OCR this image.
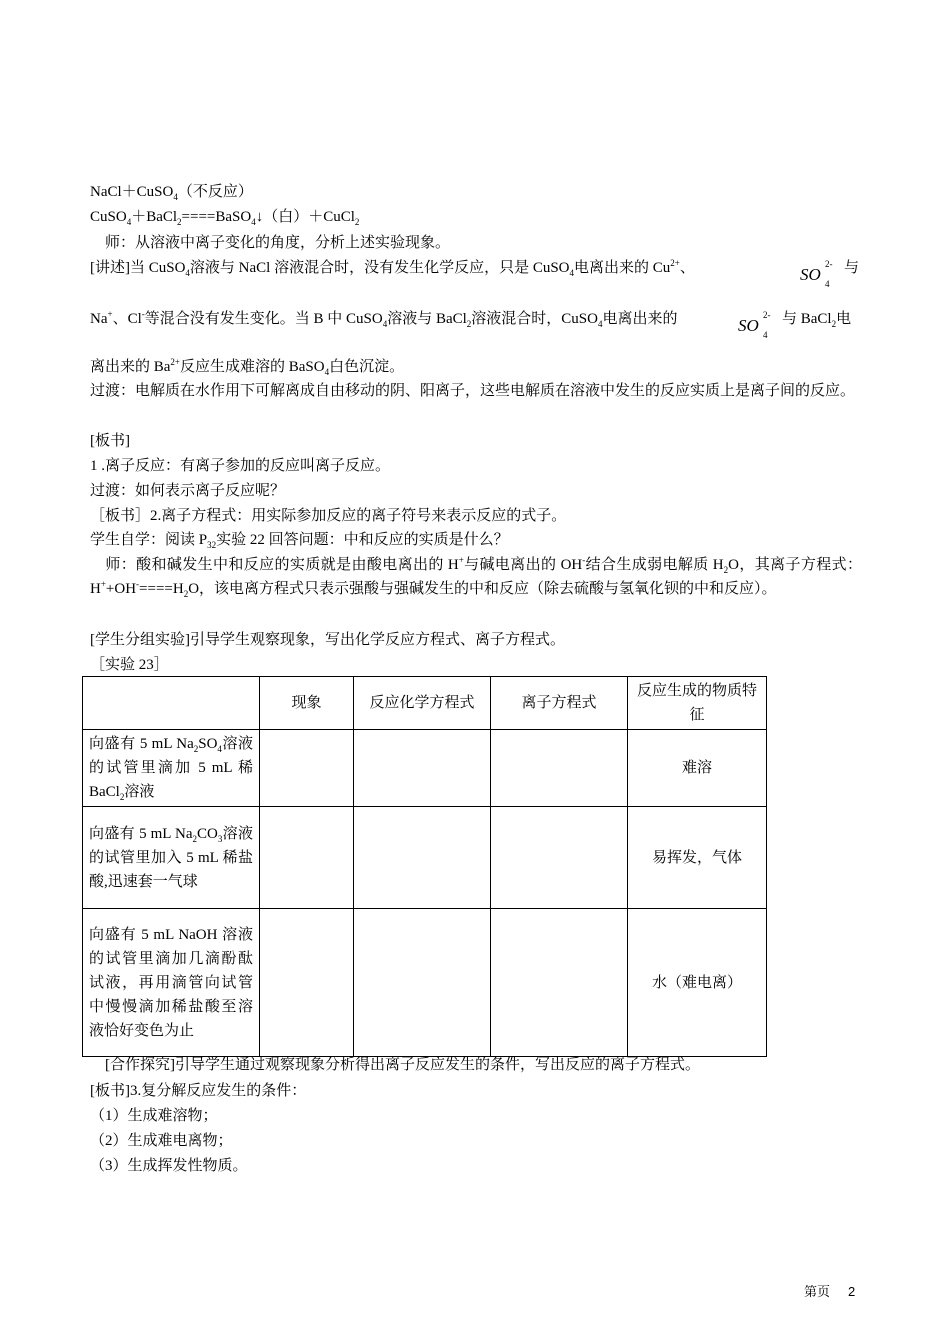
NaCl＋CuSO$_4$（不反应）
CuSO$_4$＋BaCl$_2$====BaSO$_4$↓（白）＋CuCl$_2$
　师：从溶液中离子变化的角度，分析上述实验现象。
[讲述]当 CuSO$_4$溶液与 NaCl 溶液混合时，没有发生化学反应，只是 CuSO$_4$电离出来的 $Cu^{2+}$、	SO
2-
4
与
Na+、Cl-等混合没有发生变化。当 B 中 CuSO$_4$溶液与 BaCl$_2$溶液混合时，CuSO$_4$电离出来的	SO
2-
4
与 BaCl$_2$电
离出来的 $Ba^{2+}$反应生成难溶的 BaSO$_4$白色沉淀。
过渡：电解质在水作用下可解离成自由移动的阴、阳离子，这些电解质在溶液中发生的反应实质上是离子间的反应。
[板书]
1 .离子反应：有离子参加的反应叫离子反应。
过渡：如何表示离子反应呢？
［板书］2.离子方程式：用实际参加反应的离子符号来表示反应的式子。
学生自学：阅读 $P_{32}$实验 22 回答问题：中和反应的实质是什么？
　师：酸和碱发生中和反应的实质就是由酸电离出的 H+与碱电离出的 OH-结合生成弱电解质 $H_2O$，其离子方程式：$H^++OH^-====H_2O$，该电离方程式只表示强酸与强碱发生的中和反应（除去硫酸与氢氧化钡的中和反应）。
[学生分组实验]引导学生观察现象，写出化学反应方程式、离子方程式。
［实验 23］
	现象	反应化学方程式	离子方程式	反应生成的物质特征
向盛有 5 mL $Na_2SO_4$溶液的试管里滴加 5 mL 稀 BaCl$_2$溶液				难溶
向盛有 5 mL $Na_2CO_3$溶液的试管里加入 5 mL 稀盐酸,迅速套一气球				易挥发，气体
向盛有 5 mL NaOH 溶液的试管里滴加几滴酚酞试液，再用滴管向试管中慢慢滴加稀盐酸至溶液恰好变色为止				水（难电离）
　[合作探究]引导学生通过观察现象分析得出离子反应发生的条件，写出反应的离子方程式。
[板书]3.复分解反应发生的条件：
（1）生成难溶物；
（2）生成难电离物；
（3）生成挥发性物质。
第页 2
